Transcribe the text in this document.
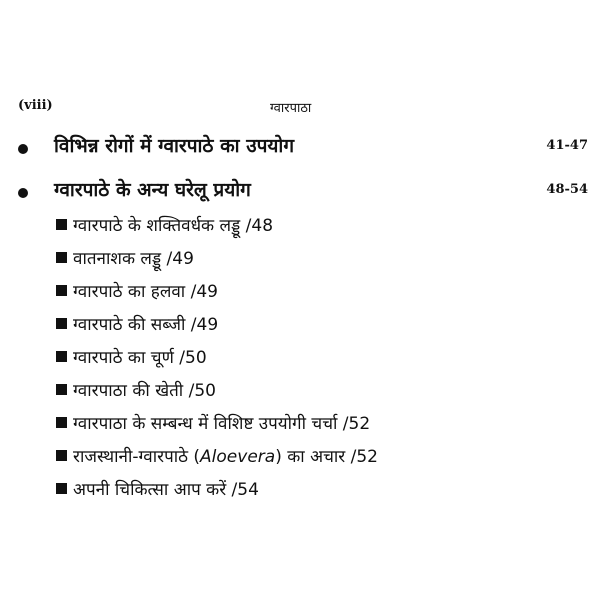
(viii)	ग्वारपाठा
विभिन्न रोगों में ग्वारपाठे का उपयोग	41-47
ग्वारपाठे के अन्य घरेलू प्रयोग	48-54
ग्वारपाठे के शक्तिवर्धक लड्डू /48
वातनाशक लड्डू /49
ग्वारपाठे का हलवा /49
ग्वारपाठे की सब्जी /49
ग्वारपाठे का चूर्ण /50
ग्वारपाठा की खेती /50
ग्वारपाठा के सम्बन्ध में विशिष्ट उपयोगी चर्चा /52
राजस्थानी-ग्वारपाठे (Aloevera) का अचार /52
अपनी चिकित्सा आप करें /54
